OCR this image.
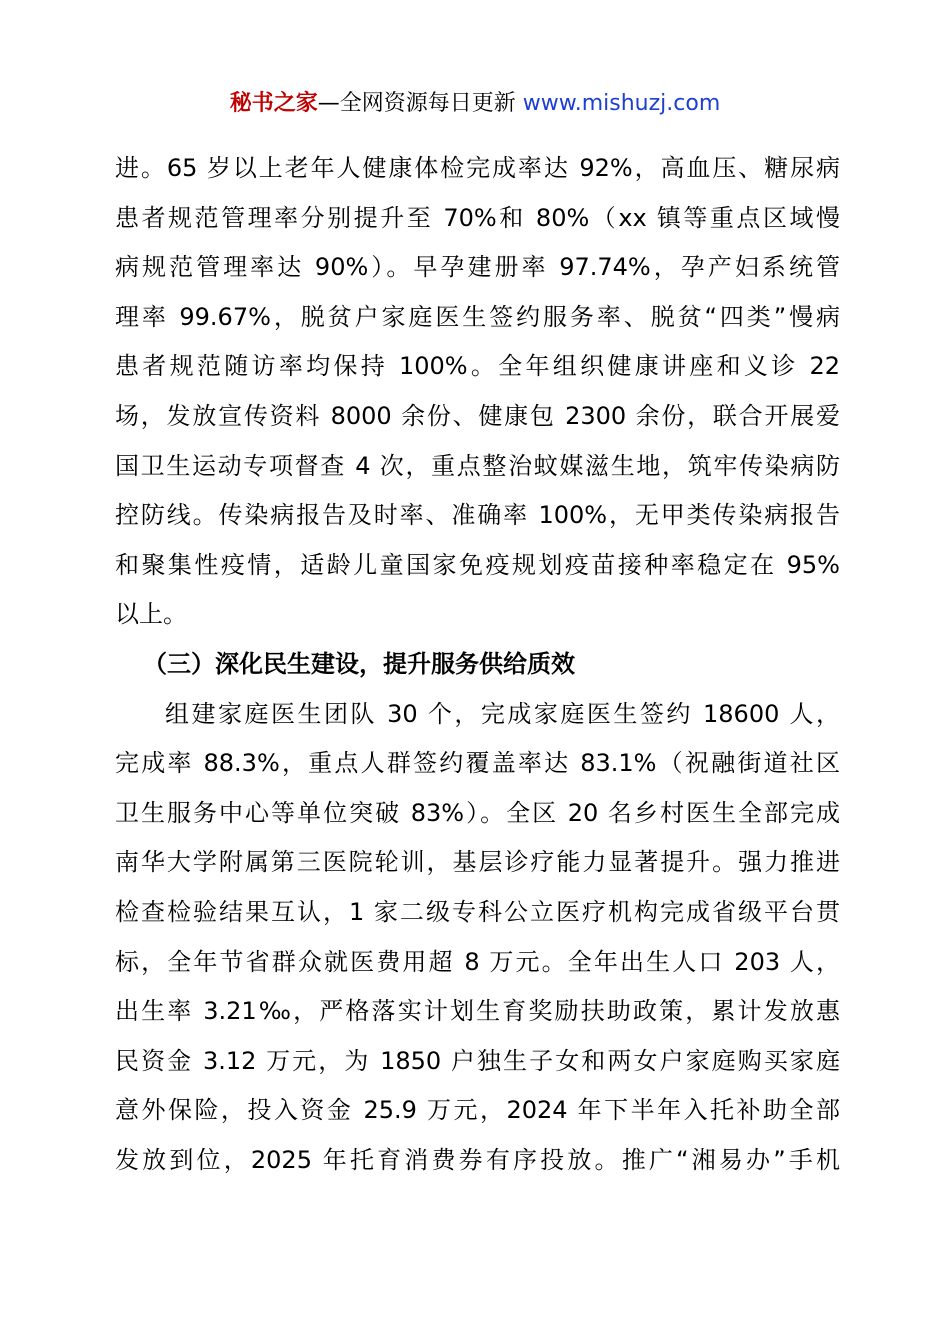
秘书之家—全网资源每日更新 www.mishuzj.com
进。65 岁以上老年人健康体检完成率达 92%，高血压、糖尿病
患者规范管理率分别提升至 70%和 80%（xx 镇等重点区域慢
病规范管理率达 90%）。早孕建册率 97.74%，孕产妇系统管
理率 99.67%，脱贫户家庭医生签约服务率、脱贫“四类”慢病
患者规范随访率均保持 100%。全年组织健康讲座和义诊 22
场，发放宣传资料 8000 余份、健康包 2300 余份，联合开展爱
国卫生运动专项督查 4 次，重点整治蚊媒滋生地，筑牢传染病防
控防线。传染病报告及时率、准确率 100%，无甲类传染病报告
和聚集性疫情，适龄儿童国家免疫规划疫苗接种率稳定在 95%
以上。
（三）深化民生建设，提升服务供给质效
组建家庭医生团队 30 个，完成家庭医生签约 18600 人，
完成率 88.3%，重点人群签约覆盖率达 83.1%（祝融街道社区
卫生服务中心等单位突破 83%）。全区 20 名乡村医生全部完成
南华大学附属第三医院轮训，基层诊疗能力显著提升。强力推进
检查检验结果互认，1 家二级专科公立医疗机构完成省级平台贯
标，全年节省群众就医费用超 8 万元。全年出生人口 203 人，
出生率 3.21‰，严格落实计划生育奖励扶助政策，累计发放惠
民资金 3.12 万元，为 1850 户独生子女和两女户家庭购买家庭
意外保险，投入资金 25.9 万元，2024 年下半年入托补助全部
发放到位，2025 年托育消费券有序投放。推广“湘易办”手机
